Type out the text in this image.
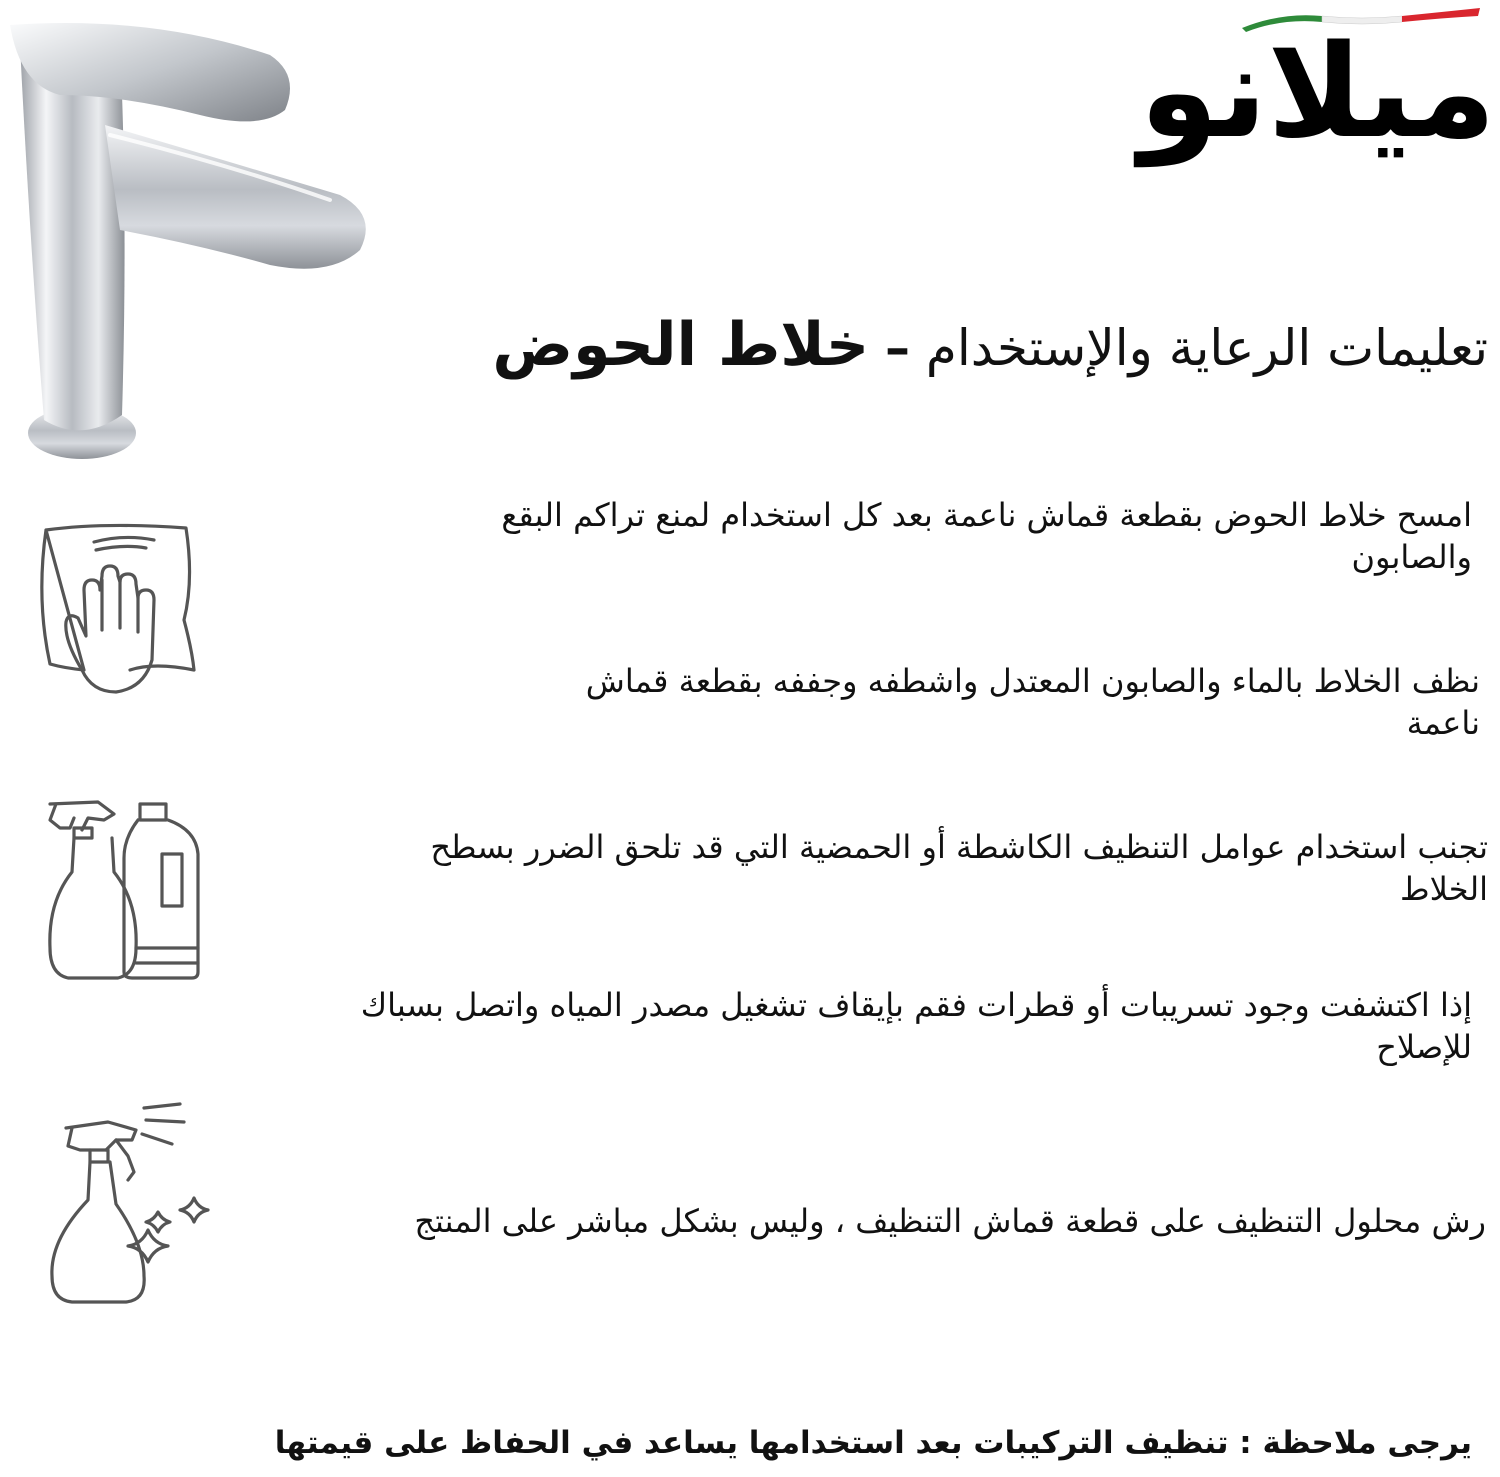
ميلانو
تعليمات الرعاية والإستخدام – خلاط الحوض
امسح خلاط الحوض بقطعة قماش ناعمة بعد كل استخدام لمنع تراكم البقع والصابون
نظف الخلاط بالماء والصابون المعتدل واشطفه وجففه بقطعة قماش ناعمة
تجنب استخدام عوامل التنظيف الكاشطة أو الحمضية التي قد تلحق الضرر بسطح الخلاط
إذا اكتشفت وجود تسريبات أو قطرات فقم بإيقاف تشغيل مصدر المياه واتصل بسباك للإصلاح
رش محلول التنظيف على قطعة قماش التنظيف ، وليس بشكل مباشر على المنتج
يرجى ملاحظة : تنظيف التركيبات بعد استخدامها يساعد في الحفاظ على قيمتها
